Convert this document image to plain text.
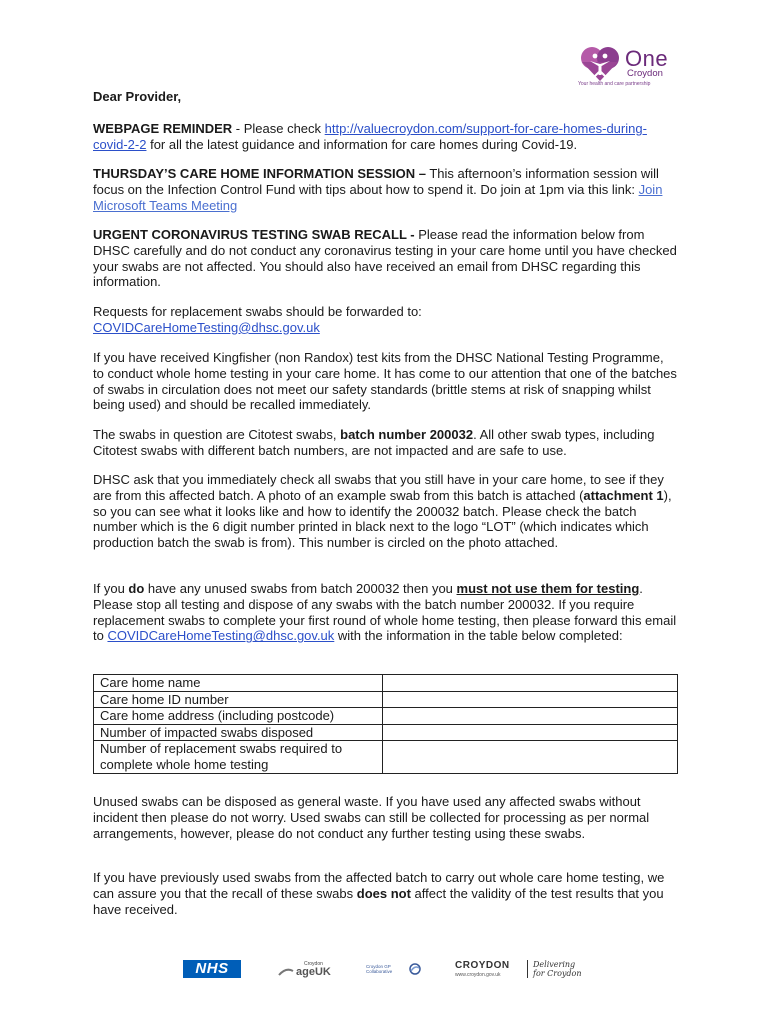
One
Croydon
Your health and care partnership

Dear Provider,

WEBPAGE REMINDER - Please check http://valuecroydon.com/support-for-care-homes-during-covid-2-2 for all the latest guidance and information for care homes during Covid-19.

THURSDAY’S CARE HOME INFORMATION SESSION – This afternoon’s information session will focus on the Infection Control Fund with tips about how to spend it. Do join at 1pm via this link: Join Microsoft Teams Meeting

URGENT CORONAVIRUS TESTING SWAB RECALL - Please read the information below from DHSC carefully and do not conduct any coronavirus testing in your care home until you have checked your swabs are not affected. You should also have received an email from DHSC regarding this information.

Requests for replacement swabs should be forwarded to:
COVIDCareHomeTesting@dhsc.gov.uk

If you have received Kingfisher (non Randox) test kits from the DHSC National Testing Programme, to conduct whole home testing in your care home. It has come to our attention that one of the batches of swabs in circulation does not meet our safety standards (brittle stems at risk of snapping whilst being used) and should be recalled immediately.

The swabs in question are Citotest swabs, batch number 200032. All other swab types, including Citotest swabs with different batch numbers, are not impacted and are safe to use.

DHSC ask that you immediately check all swabs that you still have in your care home, to see if they are from this affected batch. A photo of an example swab from this batch is attached (attachment 1), so you can see what it looks like and how to identify the 200032 batch. Please check the batch number which is the 6 digit number printed in black next to the logo “LOT” (which indicates which production batch the swab is from). This number is circled on the photo attached.

If you do have any unused swabs from batch 200032 then you must not use them for testing. Please stop all testing and dispose of any swabs with the batch number 200032. If you require replacement swabs to complete your first round of whole home testing, then please forward this email to COVIDCareHomeTesting@dhsc.gov.uk with the information in the table below completed:

Care home name	
Care home ID number	
Care home address (including postcode)	
Number of impacted swabs disposed	
Number of replacement swabs required to complete whole home testing	

Unused swabs can be disposed as general waste. If you have used any affected swabs without incident then please do not worry. Used swabs can still be collected for processing as per normal arrangements, however, please do not conduct any further testing using these swabs.

If you have previously used swabs from the affected batch to carry out whole care home testing, we can assure you that the recall of these swabs does not affect the validity of the test results that you have received.

NHS	Croydon
ageUK	Croydon GP Collaborative
CROYDON
www.croydon.gov.uk
Delivering
for Croydon
